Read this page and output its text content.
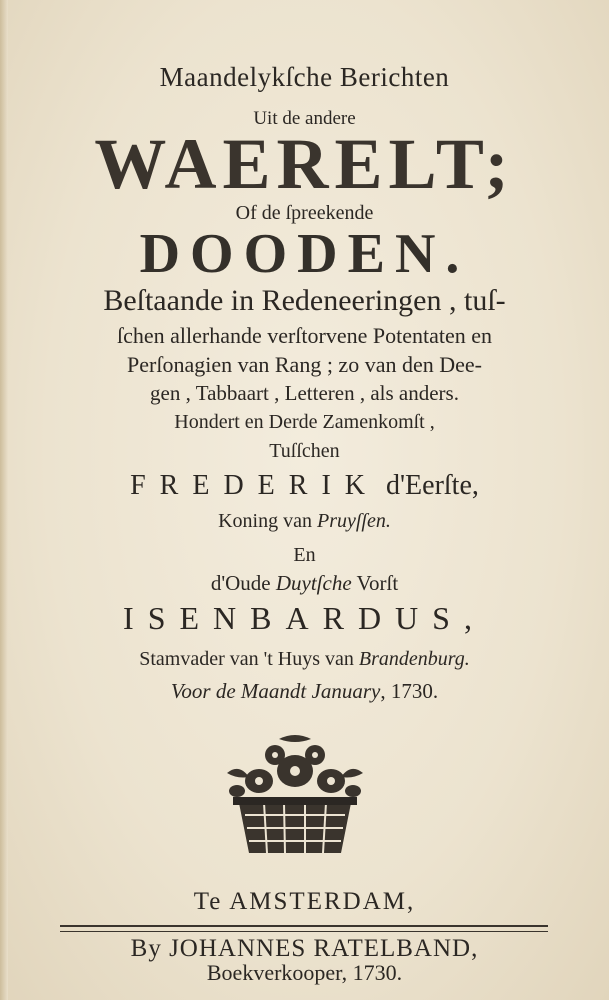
Maandelykſche Berichten
Uit de andere
WAERELT;
Of de ſpreekende
DOODEN.
Beſtaande in Redeneeringen , tuſ-
ſchen allerhande verſtorvene Potentaten en
Perſonagien van Rang ; zo van den Dee-
gen , Tabbaart , Letteren , als anders.
Hondert en Derde Zamenkomſt ,
Tuſſchen
FREDERIK d'Eerſte,
Koning van Pruyſſen.
En
d'Oude Duytſche Vorſt
ISENBARDUS,
Stamvader van 't Huys van Brandenburg.
Voor de Maandt January, 1730.
Te AMSTERDAM,
By JOHANNES RATELBAND,
Boekverkooper, 1730.
